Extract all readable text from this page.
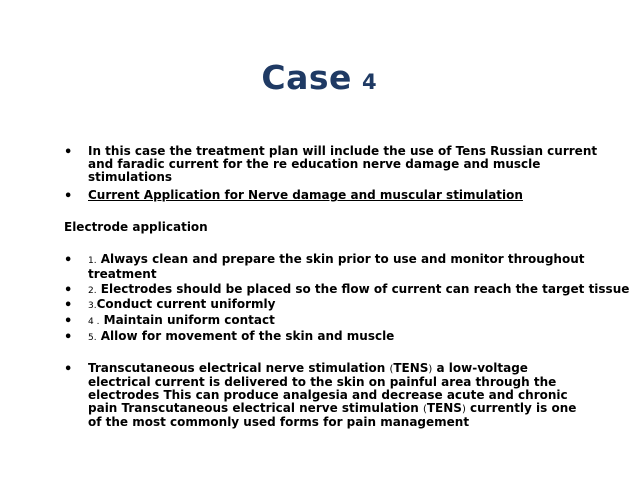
Case 4
• In this case the treatment plan will include the use of Tens Russian current and faradic current for the re education nerve damage and muscle stimulations
• Current Application for Nerve damage and muscular stimulation
Electrode application
• 1. Always clean and prepare the skin prior to use and monitor throughout treatment
• 2. Electrodes should be placed so the flow of current can reach the target tissue
• 3.Conduct current uniformly
• 4 . Maintain uniform contact
• 5. Allow for movement of the skin and muscle
• Transcutaneous electrical nerve stimulation (TENS) a low-voltage electrical current is delivered to the skin on painful area through the electrodes This can produce analgesia and decrease acute and chronic pain Transcutaneous electrical nerve stimulation (TENS) currently is one of the most commonly used forms for pain management
